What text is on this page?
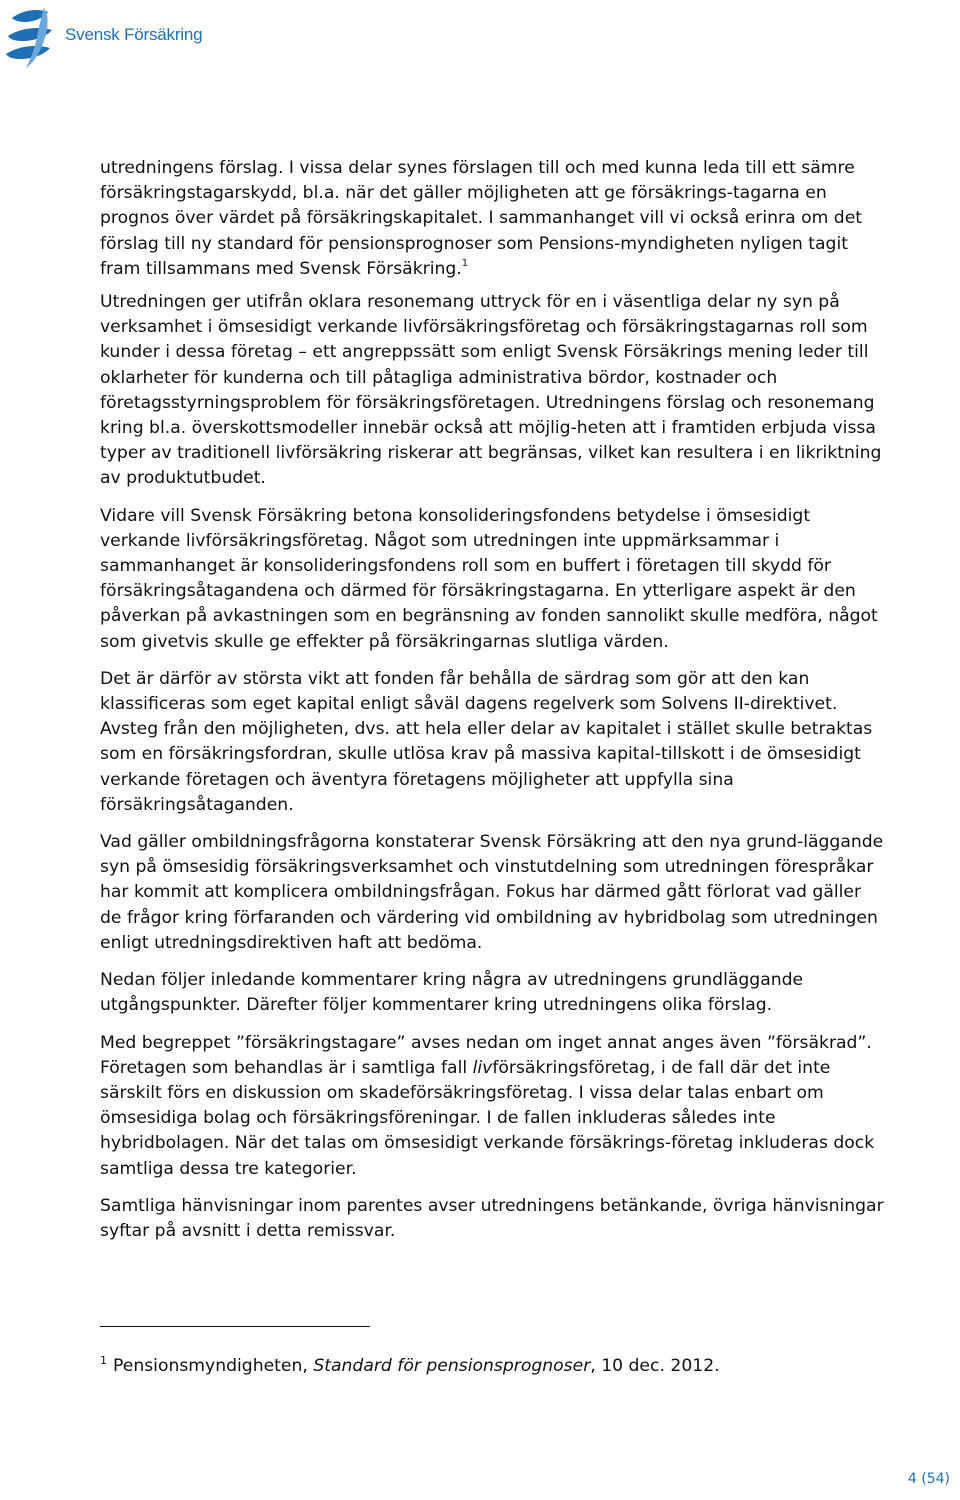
Svensk Försäkring

utredningens förslag. I vissa delar synes förslagen till och med kunna leda till ett sämre försäkringstagarskydd, bl.a. när det gäller möjligheten att ge försäkrings-tagarna en prognos över värdet på försäkringskapitalet. I sammanhanget vill vi också erinra om det förslag till ny standard för pensionsprognoser som Pensions-myndigheten nyligen tagit fram tillsammans med Svensk Försäkring.$^1$

Utredningen ger utifrån oklara resonemang uttryck för en i väsentliga delar ny syn på verksamhet i ömsesidigt verkande livförsäkringsföretag och försäkringstagarnas roll som kunder i dessa företag – ett angreppssätt som enligt Svensk Försäkrings mening leder till oklarheter för kunderna och till påtagliga administrativa bördor, kostnader och företagsstyrningsproblem för försäkringsföretagen. Utredningens förslag och resonemang kring bl.a. överskottsmodeller innebär också att möjlig-heten att i framtiden erbjuda vissa typer av traditionell livförsäkring riskerar att begränsas, vilket kan resultera i en likriktning av produktutbudet.

Vidare vill Svensk Försäkring betona konsolideringsfondens betydelse i ömsesidigt verkande livförsäkringsföretag. Något som utredningen inte uppmärksammar i sammanhanget är konsolideringsfondens roll som en buffert i företagen till skydd för försäkringsåtagandena och därmed för försäkringstagarna. En ytterligare aspekt är den påverkan på avkastningen som en begränsning av fonden sannolikt skulle medföra, något som givetvis skulle ge effekter på försäkringarnas slutliga värden.

Det är därför av största vikt att fonden får behålla de särdrag som gör att den kan klassificeras som eget kapital enligt såväl dagens regelverk som Solvens II-direktivet. Avsteg från den möjligheten, dvs. att hela eller delar av kapitalet i stället skulle betraktas som en försäkringsfordran, skulle utlösa krav på massiva kapital-tillskott i de ömsesidigt verkande företagen och äventyra företagens möjligheter att uppfylla sina försäkringsåtaganden.

Vad gäller ombildningsfrågorna konstaterar Svensk Försäkring att den nya grund-läggande syn på ömsesidig försäkringsverksamhet och vinstutdelning som utredningen förespråkar har kommit att komplicera ombildningsfrågan. Fokus har därmed gått förlorat vad gäller de frågor kring förfaranden och värdering vid ombildning av hybridbolag som utredningen enligt utredningsdirektiven haft att bedöma.

Nedan följer inledande kommentarer kring några av utredningens grundläggande utgångspunkter. Därefter följer kommentarer kring utredningens olika förslag.

Med begreppet ”försäkringstagare” avses nedan om inget annat anges även ”försäkrad”. Företagen som behandlas är i samtliga fall livförsäkringsföretag, i de fall där det inte särskilt förs en diskussion om skadeförsäkringsföretag. I vissa delar talas enbart om ömsesidiga bolag och försäkringsföreningar. I de fallen inkluderas således inte hybridbolagen. När det talas om ömsesidigt verkande försäkrings-företag inkluderas dock samtliga dessa tre kategorier.

Samtliga hänvisningar inom parentes avser utredningens betänkande, övriga hänvisningar syftar på avsnitt i detta remissvar.

$^1$ Pensionsmyndigheten, Standard för pensionsprognoser, 10 dec. 2012.
4 (54)
